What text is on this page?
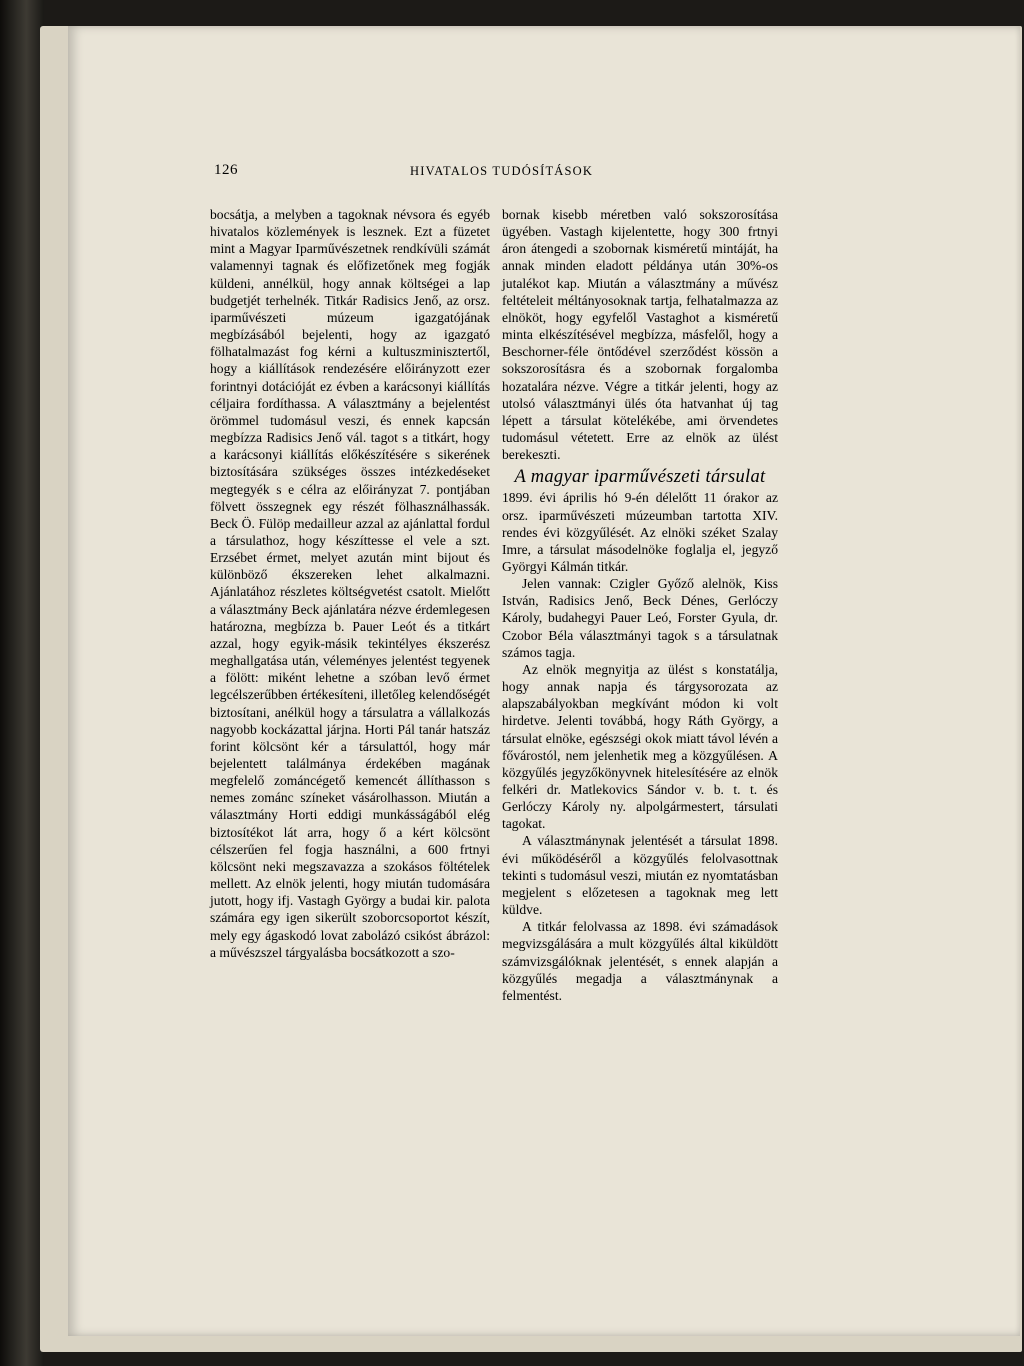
126	HIVATALOS TUDÓSÍTÁSOK

bocsátja, a melyben a tagoknak névsora és egyéb hivatalos közlemények is lesznek. Ezt a füzetet mint a Magyar Iparművészetnek rendkívüli számát valamennyi tagnak és előfizetőnek meg fogják küldeni, annélkül, hogy annak költségei a lap budgetjét terhelnék. Titkár Radisics Jenő, az orsz. iparművészeti múzeum igazgatójának megbízásából bejelenti, hogy az igazgató fölhatalmazást fog kérni a kultuszminisztertől, hogy a kiállítások rendezésére előirányzott ezer forintnyi dotációját ez évben a karácsonyi kiállítás céljaira fordíthassa. A választmány a bejelentést örömmel tudomásul veszi, és ennek kapcsán megbízza Radisics Jenő vál. tagot s a titkárt, hogy a karácsonyi kiállítás előkészítésére s sikerének biztosítására szükséges összes intézkedéseket megtegyék s e célra az előirányzat 7. pontjában fölvett összegnek egy részét fölhasználhassák. Beck Ö. Fülöp medailleur azzal az ajánlattal fordul a társulathoz, hogy készíttesse el vele a szt. Erzsébet érmet, melyet azután mint bijout és különböző ékszereken lehet alkalmazni. Ajánlatához részletes költségvetést csatolt. Mielőtt a választmány Beck ajánlatára nézve érdemlegesen határozna, megbízza b. Pauer Leót és a titkárt azzal, hogy egyik-másik tekintélyes ékszerész meghallgatása után, véleményes jelentést tegyenek a fölött: miként lehetne a szóban levő érmet legcélszerűbben értékesíteni, illetőleg kelendőségét biztosítani, anélkül hogy a társulatra a vállalkozás nagyobb kockázattal járjna. Horti Pál tanár hatszáz forint kölcsönt kér a társulattól, hogy már bejelentett találmánya érdekében magának megfelelő zománcégető kemencét állíthasson s nemes zománc színeket vásárolhasson. Miután a választmány Horti eddigi munkásságából elég biztosítékot lát arra, hogy ő a kért kölcsönt célszerűen fel fogja használni, a 600 frtnyi kölcsönt neki megszavazza a szokásos föltételek mellett. Az elnök jelenti, hogy miután tudomására jutott, hogy ifj. Vastagh György a budai kir. palota számára egy igen sikerült szoborcsoportot készít, mely egy ágaskodó lovat zabolázó csikóst ábrázol: a művészszel tárgyalásba bocsátkozott a szo-

bornak kisebb méretben való sokszorosítása ügyében. Vastagh kijelentette, hogy 300 frtnyi áron átengedi a szobornak kisméretű mintáját, ha annak minden eladott példánya után 30%-os jutalékot kap. Miután a választmány a művész feltételeit méltányosoknak tartja, felhatalmazza az elnököt, hogy egyfelől Vastaghot a kisméretű minta elkészítésével megbízza, másfelől, hogy a Beschorner-féle öntődével szerződést kössön a sokszorosításra és a szobornak forgalomba hozatalára nézve. Végre a titkár jelenti, hogy az utolsó választmányi ülés óta hatvanhat új tag lépett a társulat kötelékébe, ami örvendetes tudomásul vétetett. Erre az elnök az ülést berekeszti.

A magyar iparművészeti társulat

1899. évi április hó 9-én délelőtt 11 órakor az orsz. iparművészeti múzeumban tartotta XIV. rendes évi közgyűlését. Az elnöki széket Szalay Imre, a társulat másodelnöke foglalja el, jegyző Györgyi Kálmán titkár.

Jelen vannak: Czigler Győző alelnök, Kiss István, Radisics Jenő, Beck Dénes, Gerlóczy Károly, budahegyi Pauer Leó, Forster Gyula, dr. Czobor Béla választmányi tagok s a társulatnak számos tagja.

Az elnök megnyitja az ülést s konstatálja, hogy annak napja és tárgysorozata az alapszabályokban megkívánt módon ki volt hirdetve. Jelenti továbbá, hogy Ráth György, a társulat elnöke, egészségi okok miatt távol lévén a fővárostól, nem jelenhetik meg a közgyűlésen. A közgyűlés jegyzőkönyvnek hitelesítésére az elnök felkéri dr. Matlekovics Sándor v. b. t. t. és Gerlóczy Károly ny. alpolgármestert, társulati tagokat.

A választmánynak jelentését a társulat 1898. évi működéséről a közgyűlés felolvasottnak tekinti s tudomásul veszi, miután ez nyomtatásban megjelent s előzetesen a tagoknak meg lett küldve.

A titkár felolvassa az 1898. évi számadások megvizsgálására a mult közgyűlés által kiküldött számvizsgálóknak jelentését, s ennek alapján a közgyűlés megadja a választmánynak a felmentést.
